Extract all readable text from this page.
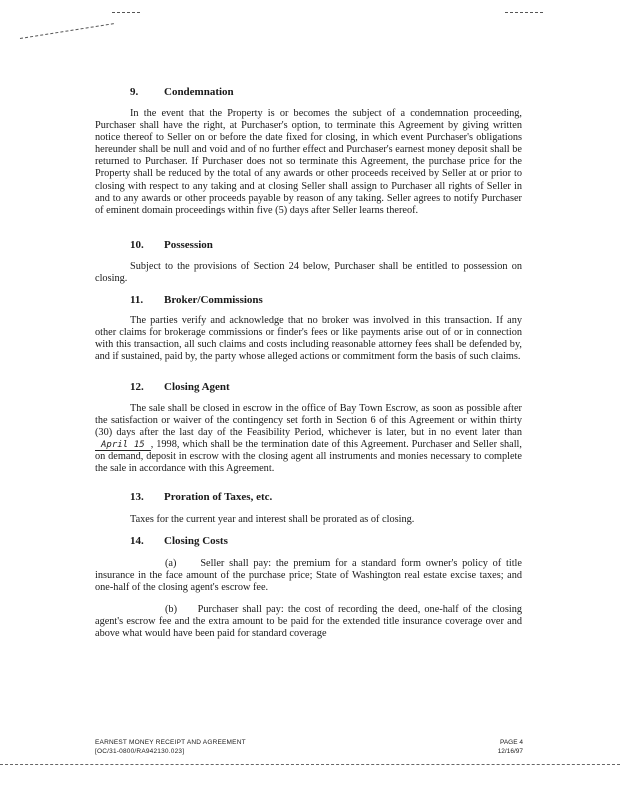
9. Condemnation
In the event that the Property is or becomes the subject of a condemnation proceeding, Purchaser shall have the right, at Purchaser's option, to terminate this Agreement by giving written notice thereof to Seller on or before the date fixed for closing, in which event Purchaser's obligations hereunder shall be null and void and of no further effect and Purchaser's earnest money deposit shall be returned to Purchaser. If Purchaser does not so terminate this Agreement, the purchase price for the Property shall be reduced by the total of any awards or other proceeds received by Seller at or prior to closing with respect to any taking and at closing Seller shall assign to Purchaser all rights of Seller in and to any awards or other proceeds payable by reason of any taking. Seller agrees to notify Purchaser of eminent domain proceedings within five (5) days after Seller learns thereof.
10. Possession
Subject to the provisions of Section 24 below, Purchaser shall be entitled to possession on closing.
11. Broker/Commissions
The parties verify and acknowledge that no broker was involved in this transaction. If any other claims for brokerage commissions or finder's fees or like payments arise out of or in connection with this transaction, all such claims and costs including reasonable attorney fees shall be defended by, and if sustained, paid by, the party whose alleged actions or commitment form the basis of such claims.
12. Closing Agent
The sale shall be closed in escrow in the office of Bay Town Escrow, as soon as possible after the satisfaction or waiver of the contingency set forth in Section 6 of this Agreement or within thirty (30) days after the last day of the Feasibility Period, whichever is later, but in no event later than April 15 , 1998, which shall be the termination date of this Agreement. Purchaser and Seller shall, on demand, deposit in escrow with the closing agent all instruments and monies necessary to complete the sale in accordance with this Agreement.
13. Proration of Taxes, etc.
Taxes for the current year and interest shall be prorated as of closing.
14. Closing Costs
(a) Seller shall pay: the premium for a standard form owner's policy of title insurance in the face amount of the purchase price; State of Washington real estate excise taxes; and one-half of the closing agent's escrow fee.
(b) Purchaser shall pay: the cost of recording the deed, one-half of the closing agent's escrow fee and the extra amount to be paid for the extended title insurance coverage over and above what would have been paid for standard coverage
EARNEST MONEY RECEIPT AND AGREEMENT
[OC/31-0800/RA942130.023]
PAGE 4
12/16/97
